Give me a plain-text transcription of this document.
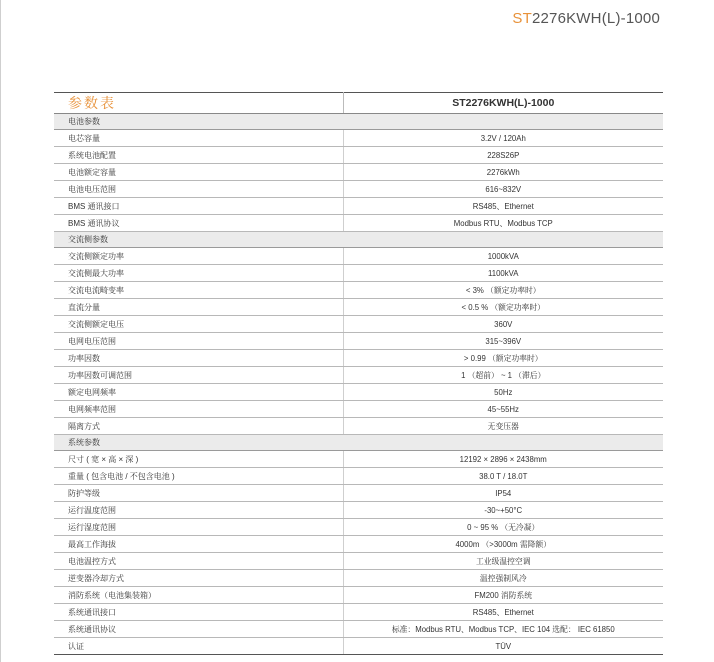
ST2276KWH(L)-1000
参数表	ST2276KWH(L)-1000
电池参数	
电芯容量	3.2V / 120Ah
系统电池配置	228S26P
电池额定容量	2276kWh
电池电压范围	616~832V
BMS 通讯接口	RS485、Ethernet
BMS 通讯协议	Modbus RTU、Modbus TCP
交流侧参数	
交流侧额定功率	1000kVA
交流侧最大功率	1100kVA
交流电流畸变率	< 3% （额定功率时）
直流分量	< 0.5 % （额定功率时）
交流侧额定电压	360V
电网电压范围	315~396V
功率因数	> 0.99 （额定功率时）
功率因数可调范围	1 （超前） ~ 1 （滞后）
额定电网频率	50Hz
电网频率范围	45~55Hz
隔离方式	无变压器
系统参数	
尺寸 ( 宽 × 高 × 深 )	12192 × 2896 × 2438mm
重量 ( 包含电池 / 不包含电池 )	38.0 T / 18.0T
防护等级	IP54
运行温度范围	-30~+50°C
运行湿度范围	0 ~ 95 % （无冷凝）
最高工作海拔	4000m （>3000m 需降额）
电池温控方式	工业级温控空调
逆变器冷却方式	温控强制风冷
消防系统（电池集装箱）	FM200 消防系统
系统通讯接口	RS485、Ethernet
系统通讯协议	标准：Modbus RTU、Modbus TCP、IEC 104 选配： IEC 61850
认证	TÜV
